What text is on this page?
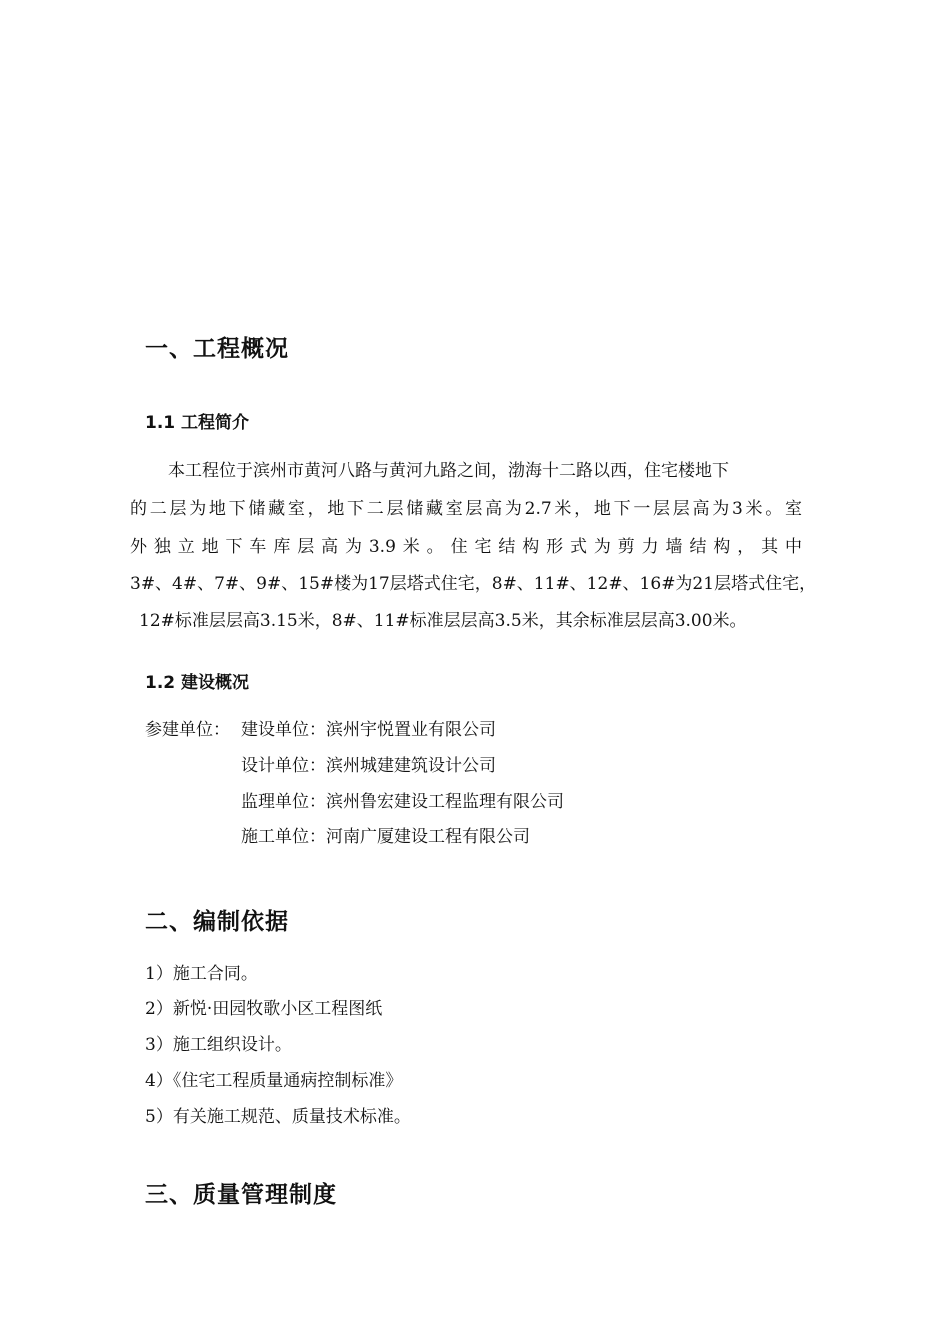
一、工程概况
1.1 工程简介
本工程位于滨州市黄河八路与黄河九路之间，渤海十二路以西，住宅楼地下
的二层为地下储藏室，地下二层储藏室层高为2.7米，地下一层层高为3米。室
外独立地下车库层高为3.9米。住宅结构形式为剪力墙结构，其中
3#、4#、7#、9#、15#楼为17层塔式住宅，8#、11#、12#、16#为21层塔式住宅，
12#标准层层高3.15米，8#、11#标准层层高3.5米，其余标准层层高3.00米。
1.2 建设概况
参建单位： 建设单位：滨州宇悦置业有限公司
设计单位：滨州城建建筑设计公司
监理单位：滨州鲁宏建设工程监理有限公司
施工单位：河南广厦建设工程有限公司
二、编制依据
1）施工合同。
2）新悦·田园牧歌小区工程图纸
3）施工组织设计。
4）《住宅工程质量通病控制标准》
5）有关施工规范、质量技术标准。
三、质量管理制度
